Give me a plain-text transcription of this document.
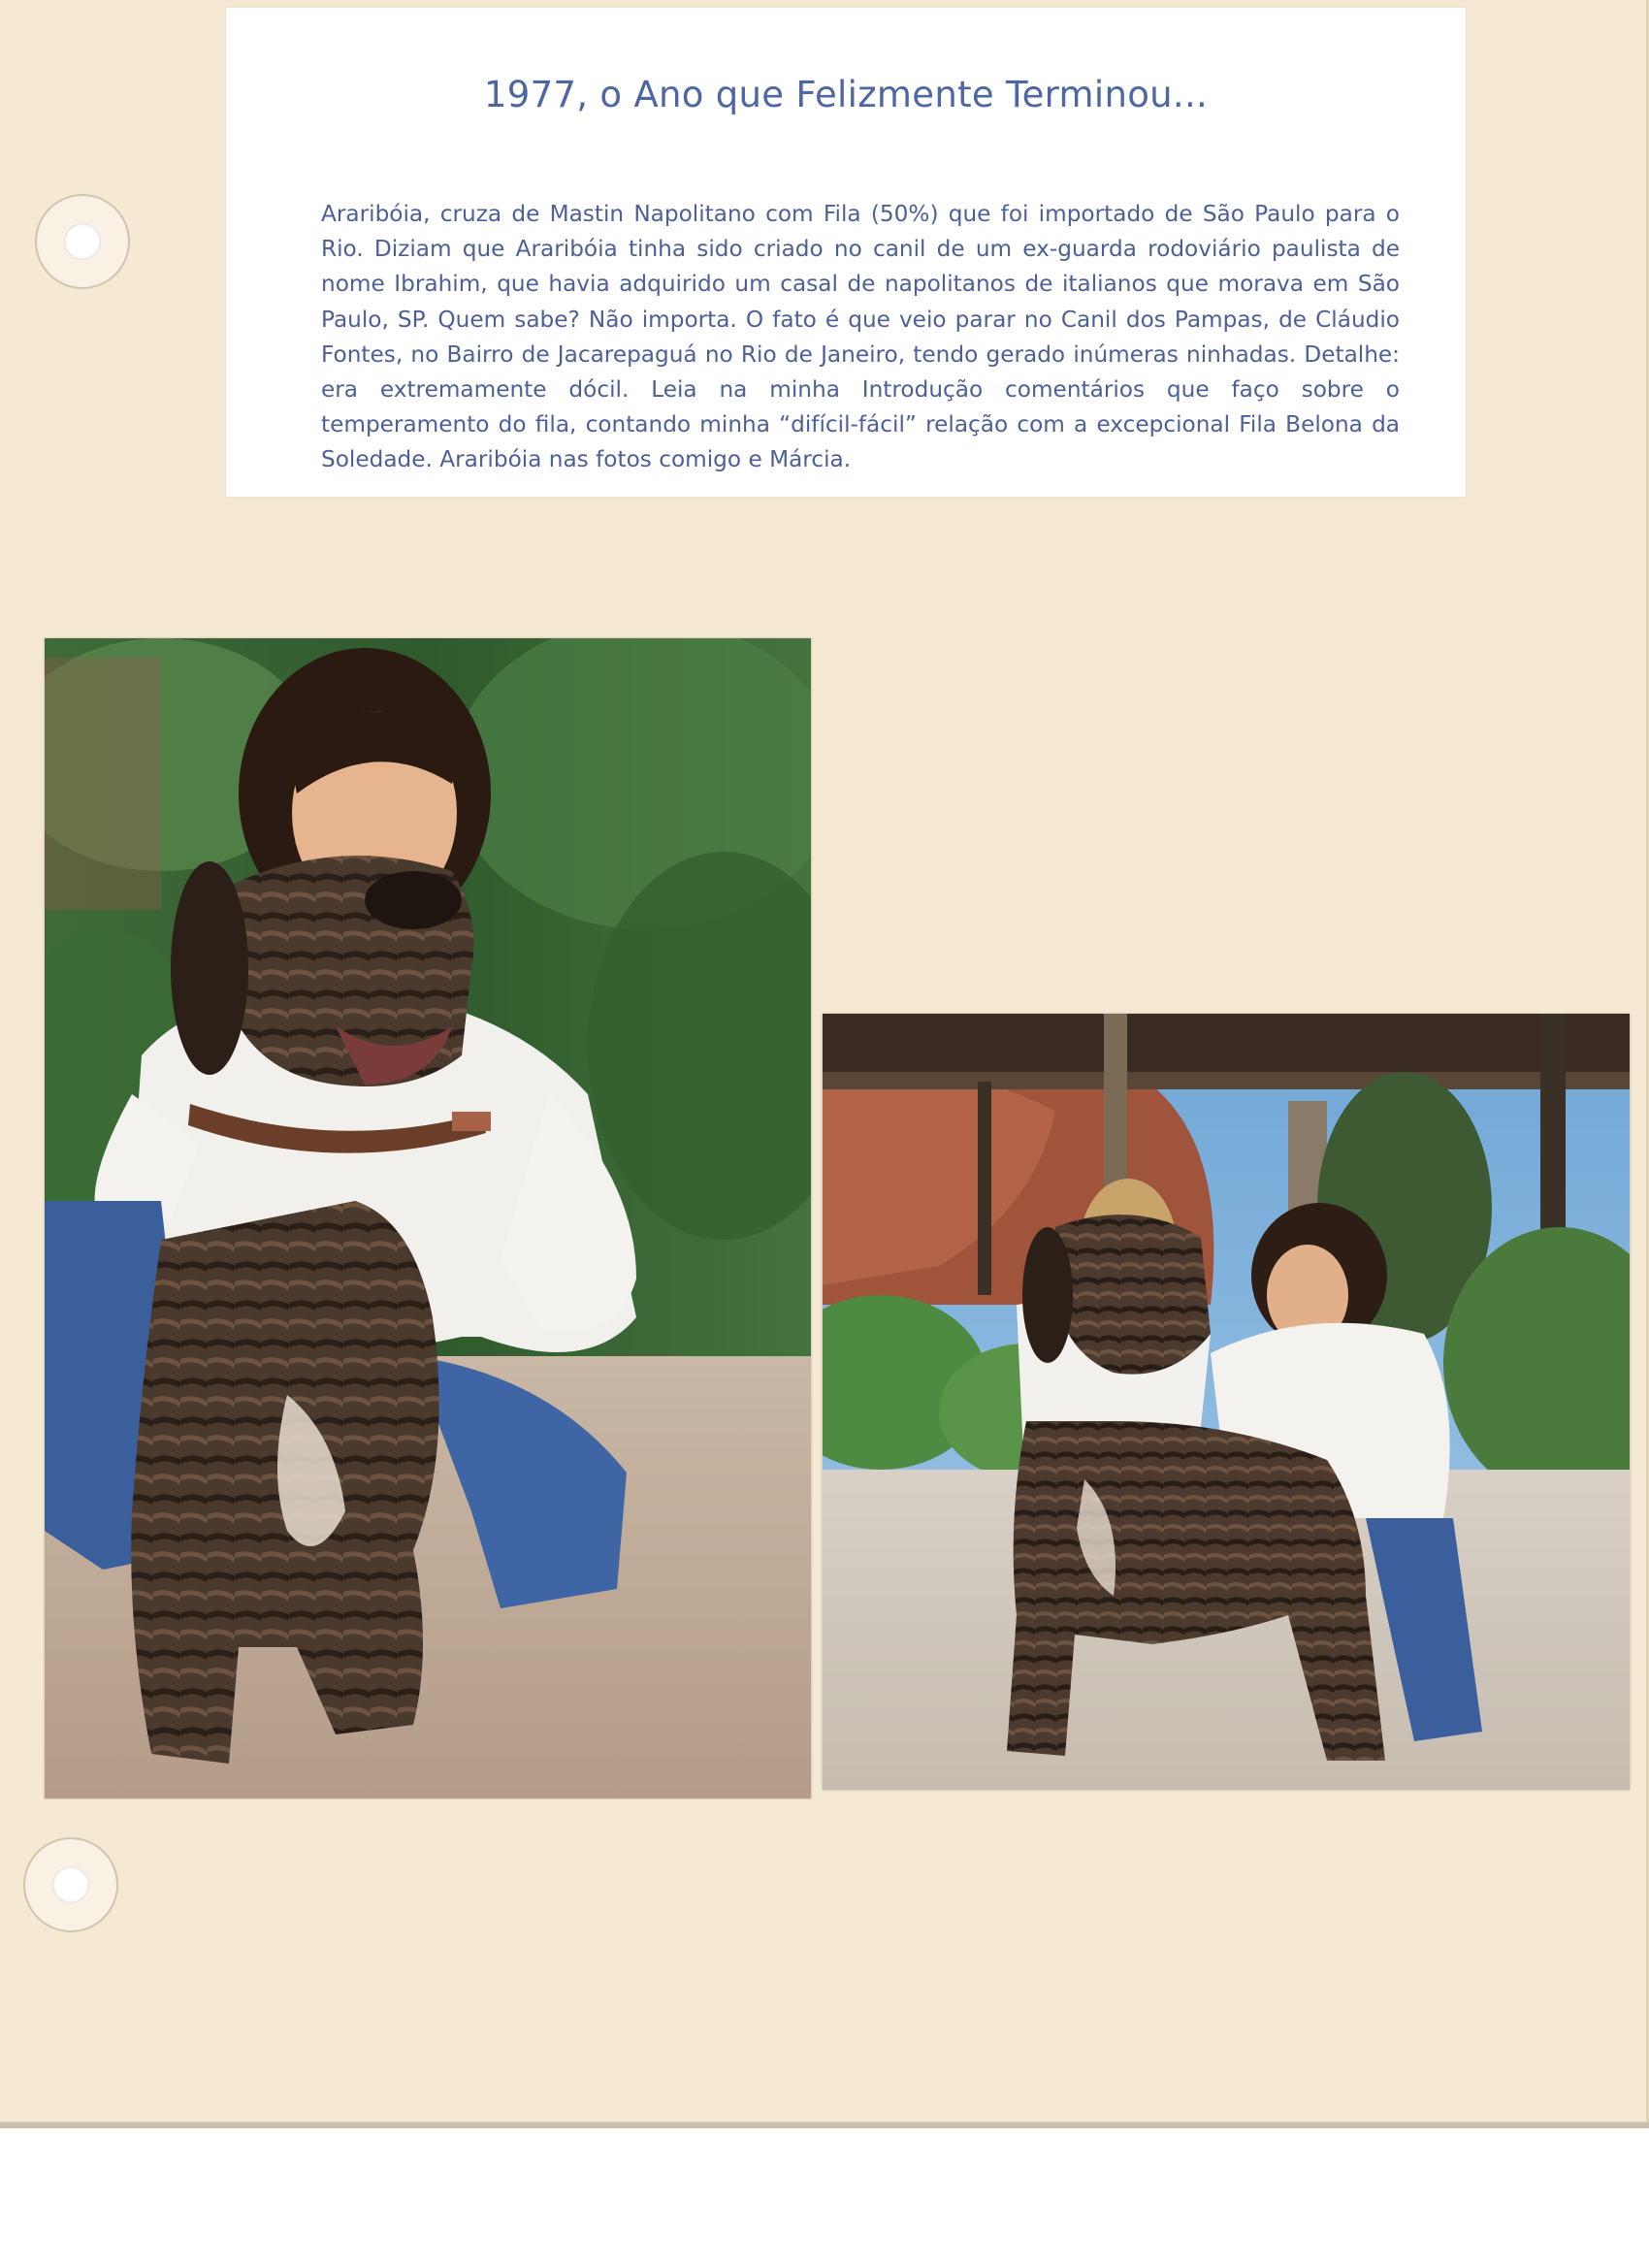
1977, o Ano que Felizmente Terminou...
Araribóia, cruza de Mastin Napolitano com Fila (50%) que foi importado de São Paulo para o Rio. Diziam que Araribóia tinha sido criado no canil de um ex-guarda rodoviário paulista de nome Ibrahim, que havia adquirido um casal de napolitanos de italianos que morava em São Paulo, SP. Quem sabe? Não importa. O fato é que veio parar no Canil dos Pampas, de Cláudio Fontes, no Bairro de Jacarepaguá no Rio de Janeiro, tendo gerado inúmeras ninhadas. Detalhe: era extremamente dócil. Leia na minha Introdução comentários que faço sobre o temperamento do fila, contando minha “difícil-fácil” relação com a excepcional Fila Belona da Soledade. Araribóia nas fotos comigo e Márcia.
